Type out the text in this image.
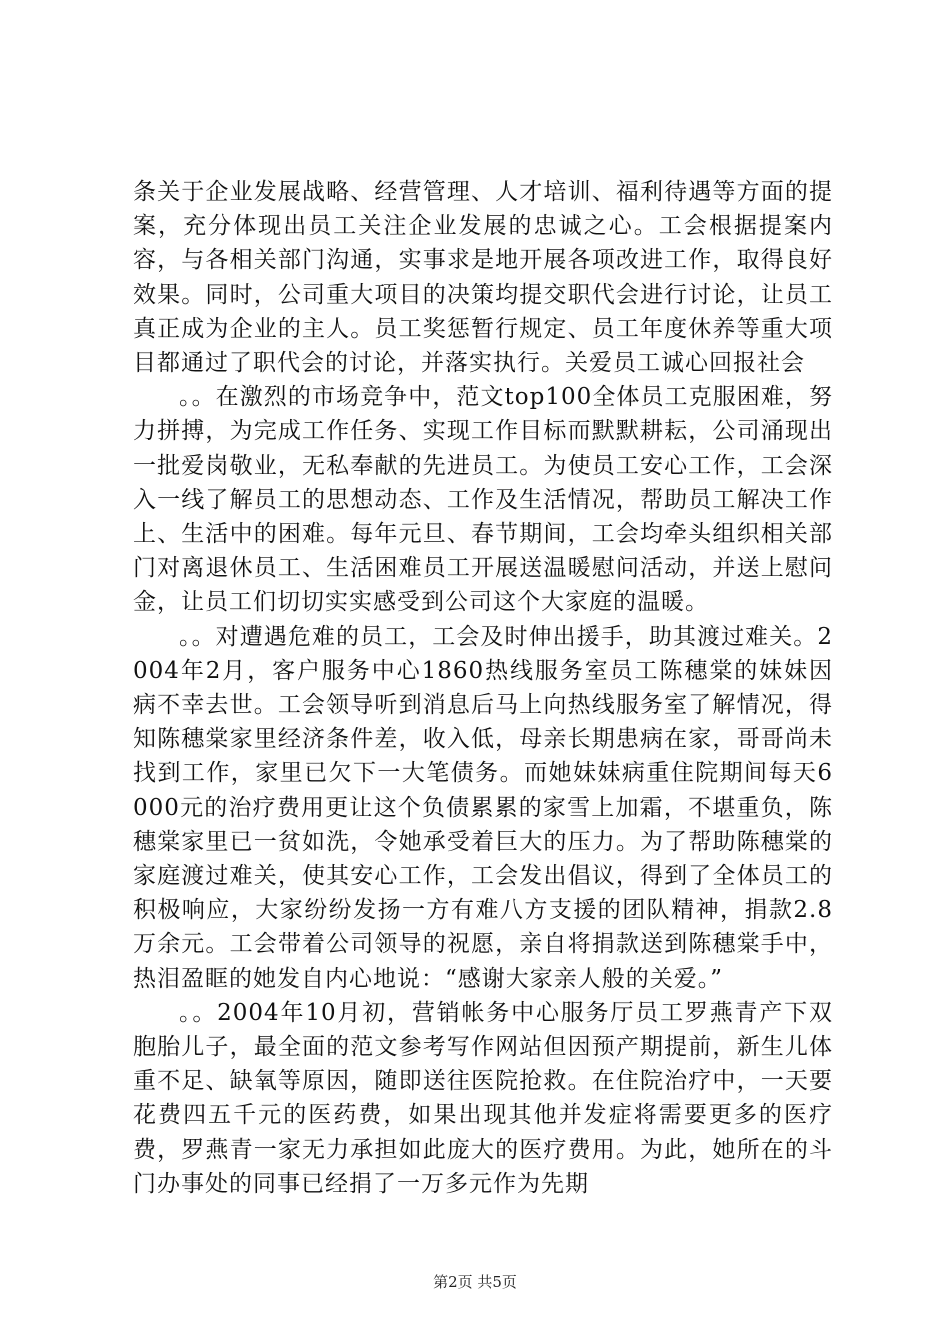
条关于企业发展战略、经营管理、人才培训、福利待遇等方面的提案，充分体现出员工关注企业发展的忠诚之心。工会根据提案内容，与各相关部门沟通，实事求是地开展各项改进工作，取得良好效果。同时，公司重大项目的决策均提交职代会进行讨论，让员工真正成为企业的主人。员工奖惩暂行规定、员工年度休养等重大项目都通过了职代会的讨论，并落实执行。关爱员工诚心回报社会

。。在激烈的市场竞争中，范文top100全体员工克服困难，努力拼搏，为完成工作任务、实现工作目标而默默耕耘，公司涌现出一批爱岗敬业，无私奉献的先进员工。为使员工安心工作，工会深入一线了解员工的思想动态、工作及生活情况，帮助员工解决工作上、生活中的困难。每年元旦、春节期间，工会均牵头组织相关部门对离退休员工、生活困难员工开展送温暖慰问活动，并送上慰问金，让员工们切切实实感受到公司这个大家庭的温暖。

。。对遭遇危难的员工，工会及时伸出援手，助其渡过难关。2004年2月，客户服务中心1860热线服务室员工陈穗棠的妹妹因病不幸去世。工会领导听到消息后马上向热线服务室了解情况，得知陈穗棠家里经济条件差，收入低，母亲长期患病在家，哥哥尚未找到工作，家里已欠下一大笔债务。而她妹妹病重住院期间每天6000元的治疗费用更让这个负债累累的家雪上加霜，不堪重负，陈穗棠家里已一贫如洗，令她承受着巨大的压力。为了帮助陈穗棠的家庭渡过难关，使其安心工作，工会发出倡议，得到了全体员工的积极响应，大家纷纷发扬一方有难八方支援的团队精神，捐款2.8万余元。工会带着公司领导的祝愿，亲自将捐款送到陈穗棠手中，热泪盈眶的她发自内心地说：“感谢大家亲人般的关爱。”

。。2004年10月初，营销帐务中心服务厅员工罗燕青产下双胞胎儿子，最全面的范文参考写作网站但因预产期提前，新生儿体重不足、缺氧等原因，随即送往医院抢救。在住院治疗中，一天要花费四五千元的医药费，如果出现其他并发症将需要更多的医疗费，罗燕青一家无力承担如此庞大的医疗费用。为此，她所在的斗门办事处的同事已经捐了一万多元作为先期

第2页 共5页
